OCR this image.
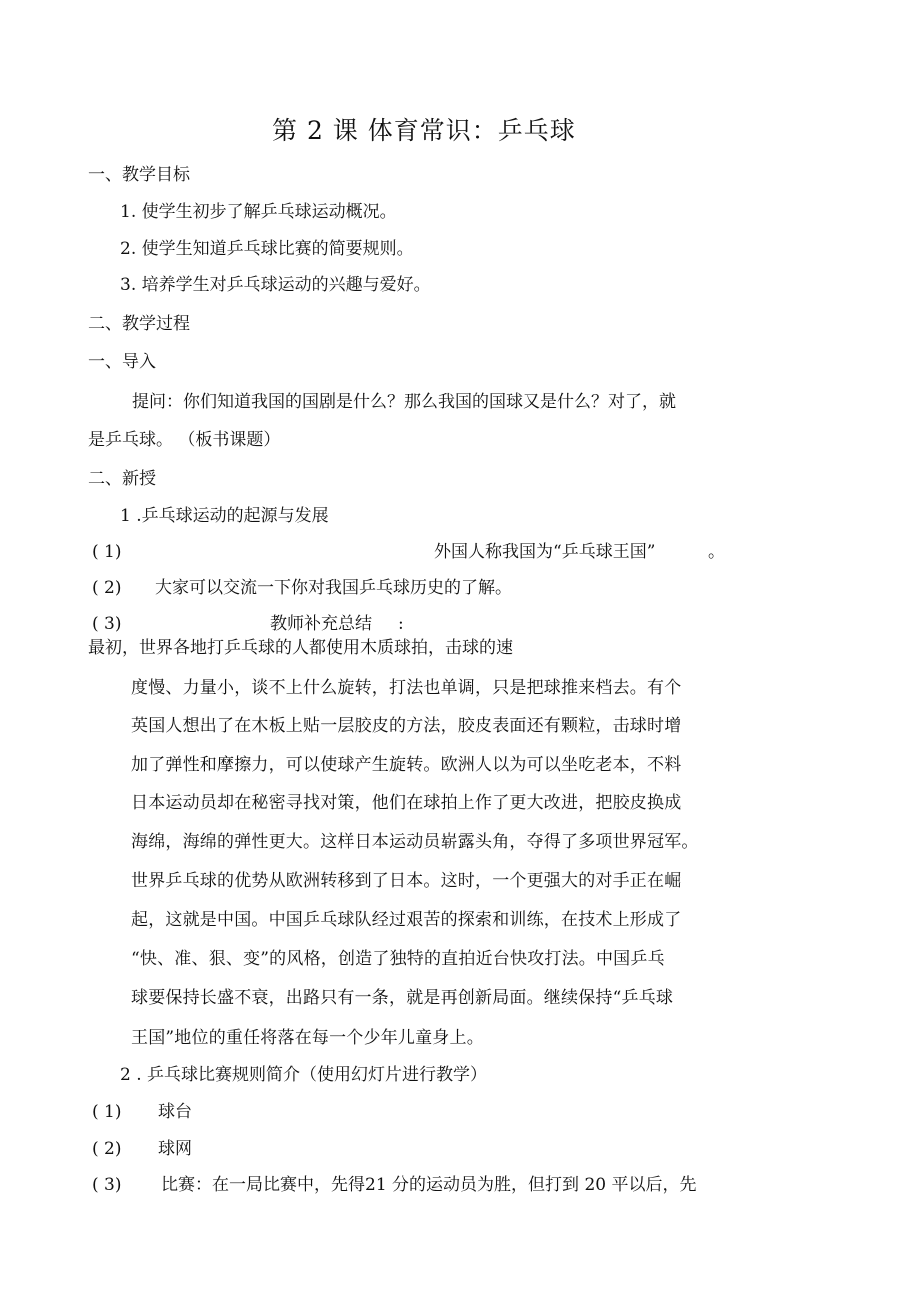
第 2 课 体育常识：乒乓球
一、教学目标
1. 使学生初步了解乒乓球运动概况。
2. 使学生知道乒乓球比赛的简要规则。
3. 培养学生对乒乓球运动的兴趣与爱好。
二、教学过程
一、导入
提问：你们知道我国的国剧是什么？那么我国的国球又是什么？对了，就
是乒乓球。 （板书课题）
二、新授
1 .乒乓球运动的起源与发展
( 1)	外国人称我国为“乒乓球王国”	。
( 2) 大家可以交流一下你对我国乒乓球历史的了解。
( 3)	教师补充总结 :
最初，世界各地打乒乓球的人都使用木质球拍，击球的速
度慢、力量小，谈不上什么旋转，打法也单调，只是把球推来档去。有个
英国人想出了在木板上贴一层胶皮的方法，胶皮表面还有颗粒，击球时增
加了弹性和摩擦力，可以使球产生旋转。欧洲人以为可以坐吃老本，不料
日本运动员却在秘密寻找对策，他们在球拍上作了更大改进，把胶皮换成
海绵，海绵的弹性更大。这样日本运动员崭露头角，夺得了多项世界冠军。
世界乒乓球的优势从欧洲转移到了日本。这时，一个更强大的对手正在崛
起，这就是中国。中国乒乓球队经过艰苦的探索和训练，在技术上形成了
“快、准、狠、变”的风格，创造了独特的直拍近台快攻打法。中国乒乓
球要保持长盛不衰，出路只有一条，就是再创新局面。继续保持“乒乓球
王国”地位的重任将落在每一个少年儿童身上。
2 . 乒乓球比赛规则简介（使用幻灯片进行教学）
( 1) 球台
( 2) 球网
( 3) 比赛：在一局比赛中，先得21 分的运动员为胜，但打到 20 平以后，先
